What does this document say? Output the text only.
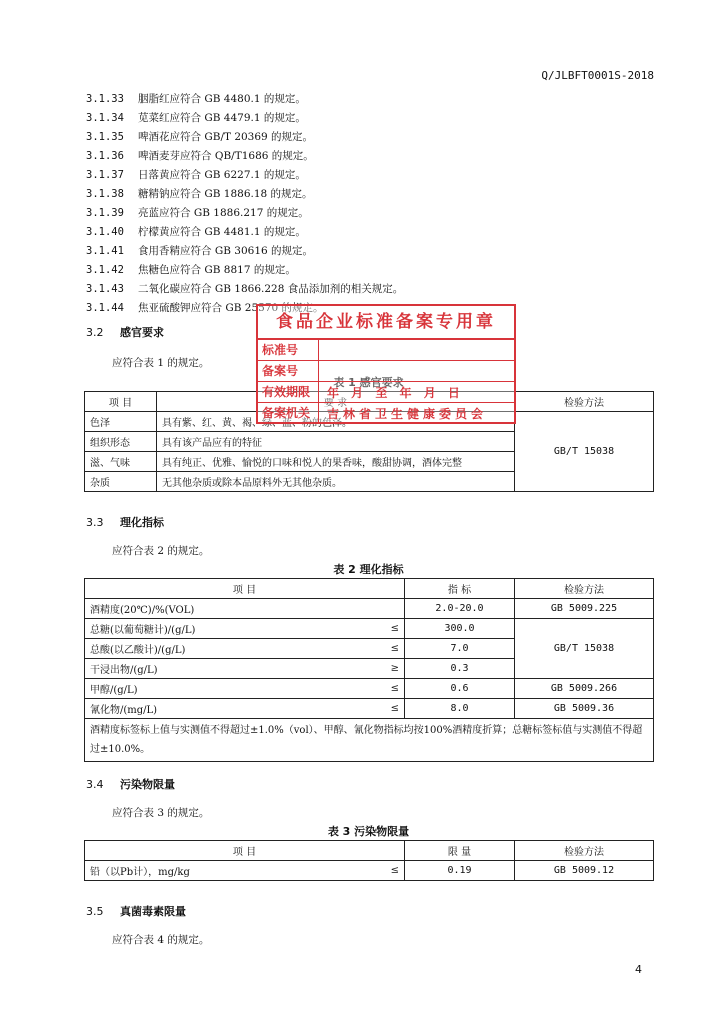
Q/JLBFT0001S-2018
3.1.33 胭脂红应符合 GB 4480.1 的规定。
3.1.34 苋菜红应符合 GB 4479.1 的规定。
3.1.35 啤酒花应符合 GB/T 20369 的规定。
3.1.36 啤酒麦芽应符合 QB/T1686 的规定。
3.1.37 日落黄应符合 GB 6227.1 的规定。
3.1.38 糖精钠应符合 GB 1886.18 的规定。
3.1.39 亮蓝应符合 GB 1886.217 的规定。
3.1.40 柠檬黄应符合 GB 4481.1 的规定。
3.1.41 食用香精应符合 GB 30616 的规定。
3.1.42 焦糖色应符合 GB 8817 的规定。
3.1.43 二氧化碳应符合 GB 1866.228 食品添加剂的相关规定。
3.1.44 焦亚硫酸钾应符合 GB 25570 的规定。
3.2 感官要求
应符合表 1 的规定。
表 1 感官要求
项 目	要 求	检验方法
色泽	具有紫、红、黄、褐、绿、蓝、粉的色泽。	GB/T 15038
组织形态	具有该产品应有的特征	
滋、气味	具有纯正、优雅、愉悦的口味和悦人的果香味，酸甜协调，酒体完整	
杂质	无其他杂质或除本品原料外无其他杂质。	
3.3 理化指标
应符合表 2 的规定。
表 2 理化指标
项 目		指 标	检验方法
酒精度(20℃)/%(VOL)		2.0-20.0	GB 5009.225
总糖(以葡萄糖计)/(g/L)	≤	300.0	GB/T 15038
总酸(以乙酸计)/(g/L)	≤	7.0	
干浸出物/(g/L)	≥	0.3	
甲醇/(g/L)	≤	0.6	GB 5009.266
氰化物/(mg/L)	≤	8.0	GB 5009.36
酒精度标签标上值与实测值不得超过±1.0%（vol）、甲醇、氰化物指标均按100%酒精度折算；总糖标签标值与实测值不得超过±10.0%。			
3.4 污染物限量
应符合表 3 的规定。
表 3 污染物限量
项 目		限 量	检验方法
铅（以Pb计），mg/kg	≤	0.19	GB 5009.12
3.5 真菌毒素限量
应符合表 4 的规定。
食品企业标准备案专用章
标准号
备案号
有效期限	年 月 至 年 月 日
备案机关	吉林省卫生健康委员会
4
